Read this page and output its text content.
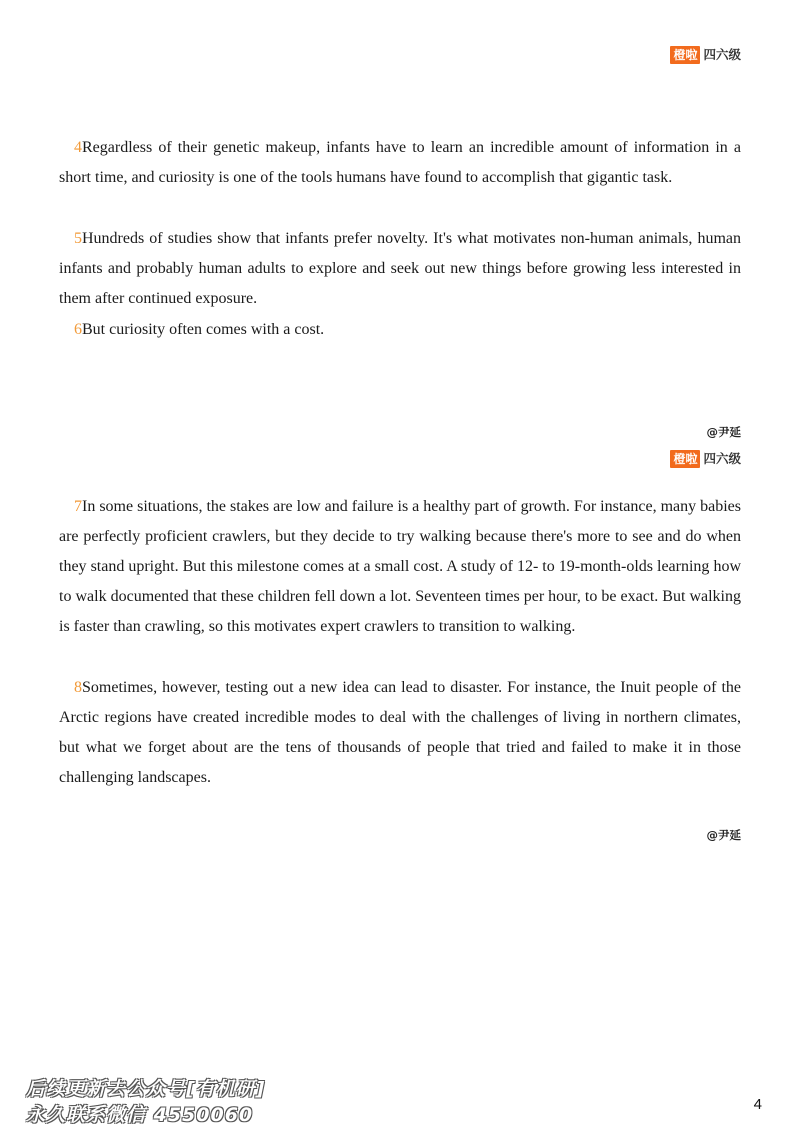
橙啦 四六级

4Regardless of their genetic makeup, infants have to learn an incredible amount of information in a short time, and curiosity is one of the tools humans have found to accomplish that gigantic task.

5Hundreds of studies show that infants prefer novelty. It's what motivates non-human animals, human infants and probably human adults to explore and seek out new things before growing less interested in them after continued exposure.

6But curiosity often comes with a cost.

@尹延
橙啦 四六级

7In some situations, the stakes are low and failure is a healthy part of growth. For instance, many babies are perfectly proficient crawlers, but they decide to try walking because there's more to see and do when they stand upright. But this milestone comes at a small cost. A study of 12- to 19-month-olds learning how to walk documented that these children fell down a lot. Seventeen times per hour, to be exact. But walking is faster than crawling, so this motivates expert crawlers to transition to walking.

8Sometimes, however, testing out a new idea can lead to disaster. For instance, the Inuit people of the Arctic regions have created incredible modes to deal with the challenges of living in northern climates, but what we forget about are the tens of thousands of people that tried and failed to make it in those challenging landscapes.

@尹延
后续更新去公众号[有机研]
永久联系微信 4550060	4
